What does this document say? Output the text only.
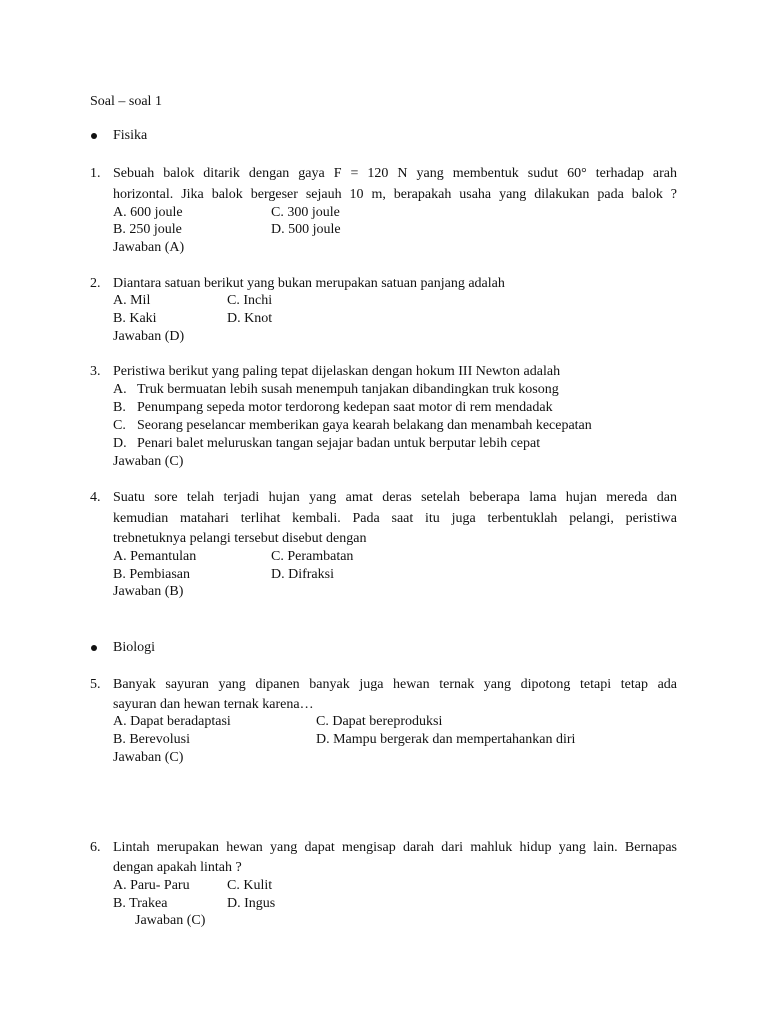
Soal – soal 1
Fisika
1. Sebuah balok ditarik dengan gaya F = 120 N yang membentuk sudut 60° terhadap arah
horizontal. Jika balok bergeser sejauh 10 m, berapakah usaha yang dilakukan pada balok ?
A. 600 joule	C. 300 joule
B. 250 joule	D. 500 joule
Jawaban (A)
2. Diantara satuan berikut yang bukan merupakan satuan panjang adalah
A. Mil	C. Inchi
B. Kaki	D. Knot
Jawaban (D)
3. Peristiwa berikut yang paling tepat dijelaskan dengan hokum III Newton adalah
A. Truk bermuatan lebih susah menempuh tanjakan dibandingkan truk kosong
B. Penumpang sepeda motor terdorong kedepan saat motor di rem mendadak
C. Seorang peselancar memberikan gaya kearah belakang dan menambah kecepatan
D. Penari balet meluruskan tangan sejajar badan untuk berputar lebih cepat
Jawaban (C)
4. Suatu sore telah terjadi hujan yang amat deras setelah beberapa lama hujan mereda dan
kemudian matahari terlihat kembali. Pada saat itu juga terbentuklah pelangi, peristiwa
trebnetuknya pelangi tersebut disebut dengan
A. Pemantulan	C. Perambatan
B. Pembiasan	D. Difraksi
Jawaban (B)
Biologi
5. Banyak sayuran yang dipanen banyak juga hewan ternak yang dipotong tetapi tetap ada
sayuran dan hewan ternak karena…
A. Dapat beradaptasi	C. Dapat bereproduksi
B. Berevolusi	D. Mampu bergerak dan mempertahankan diri
Jawaban (C)
6. Lintah merupakan hewan yang dapat mengisap darah dari mahluk hidup yang lain. Bernapas
dengan apakah lintah ?
A. Paru- Paru	C. Kulit
B. Trakea	D. Ingus
Jawaban (C)
